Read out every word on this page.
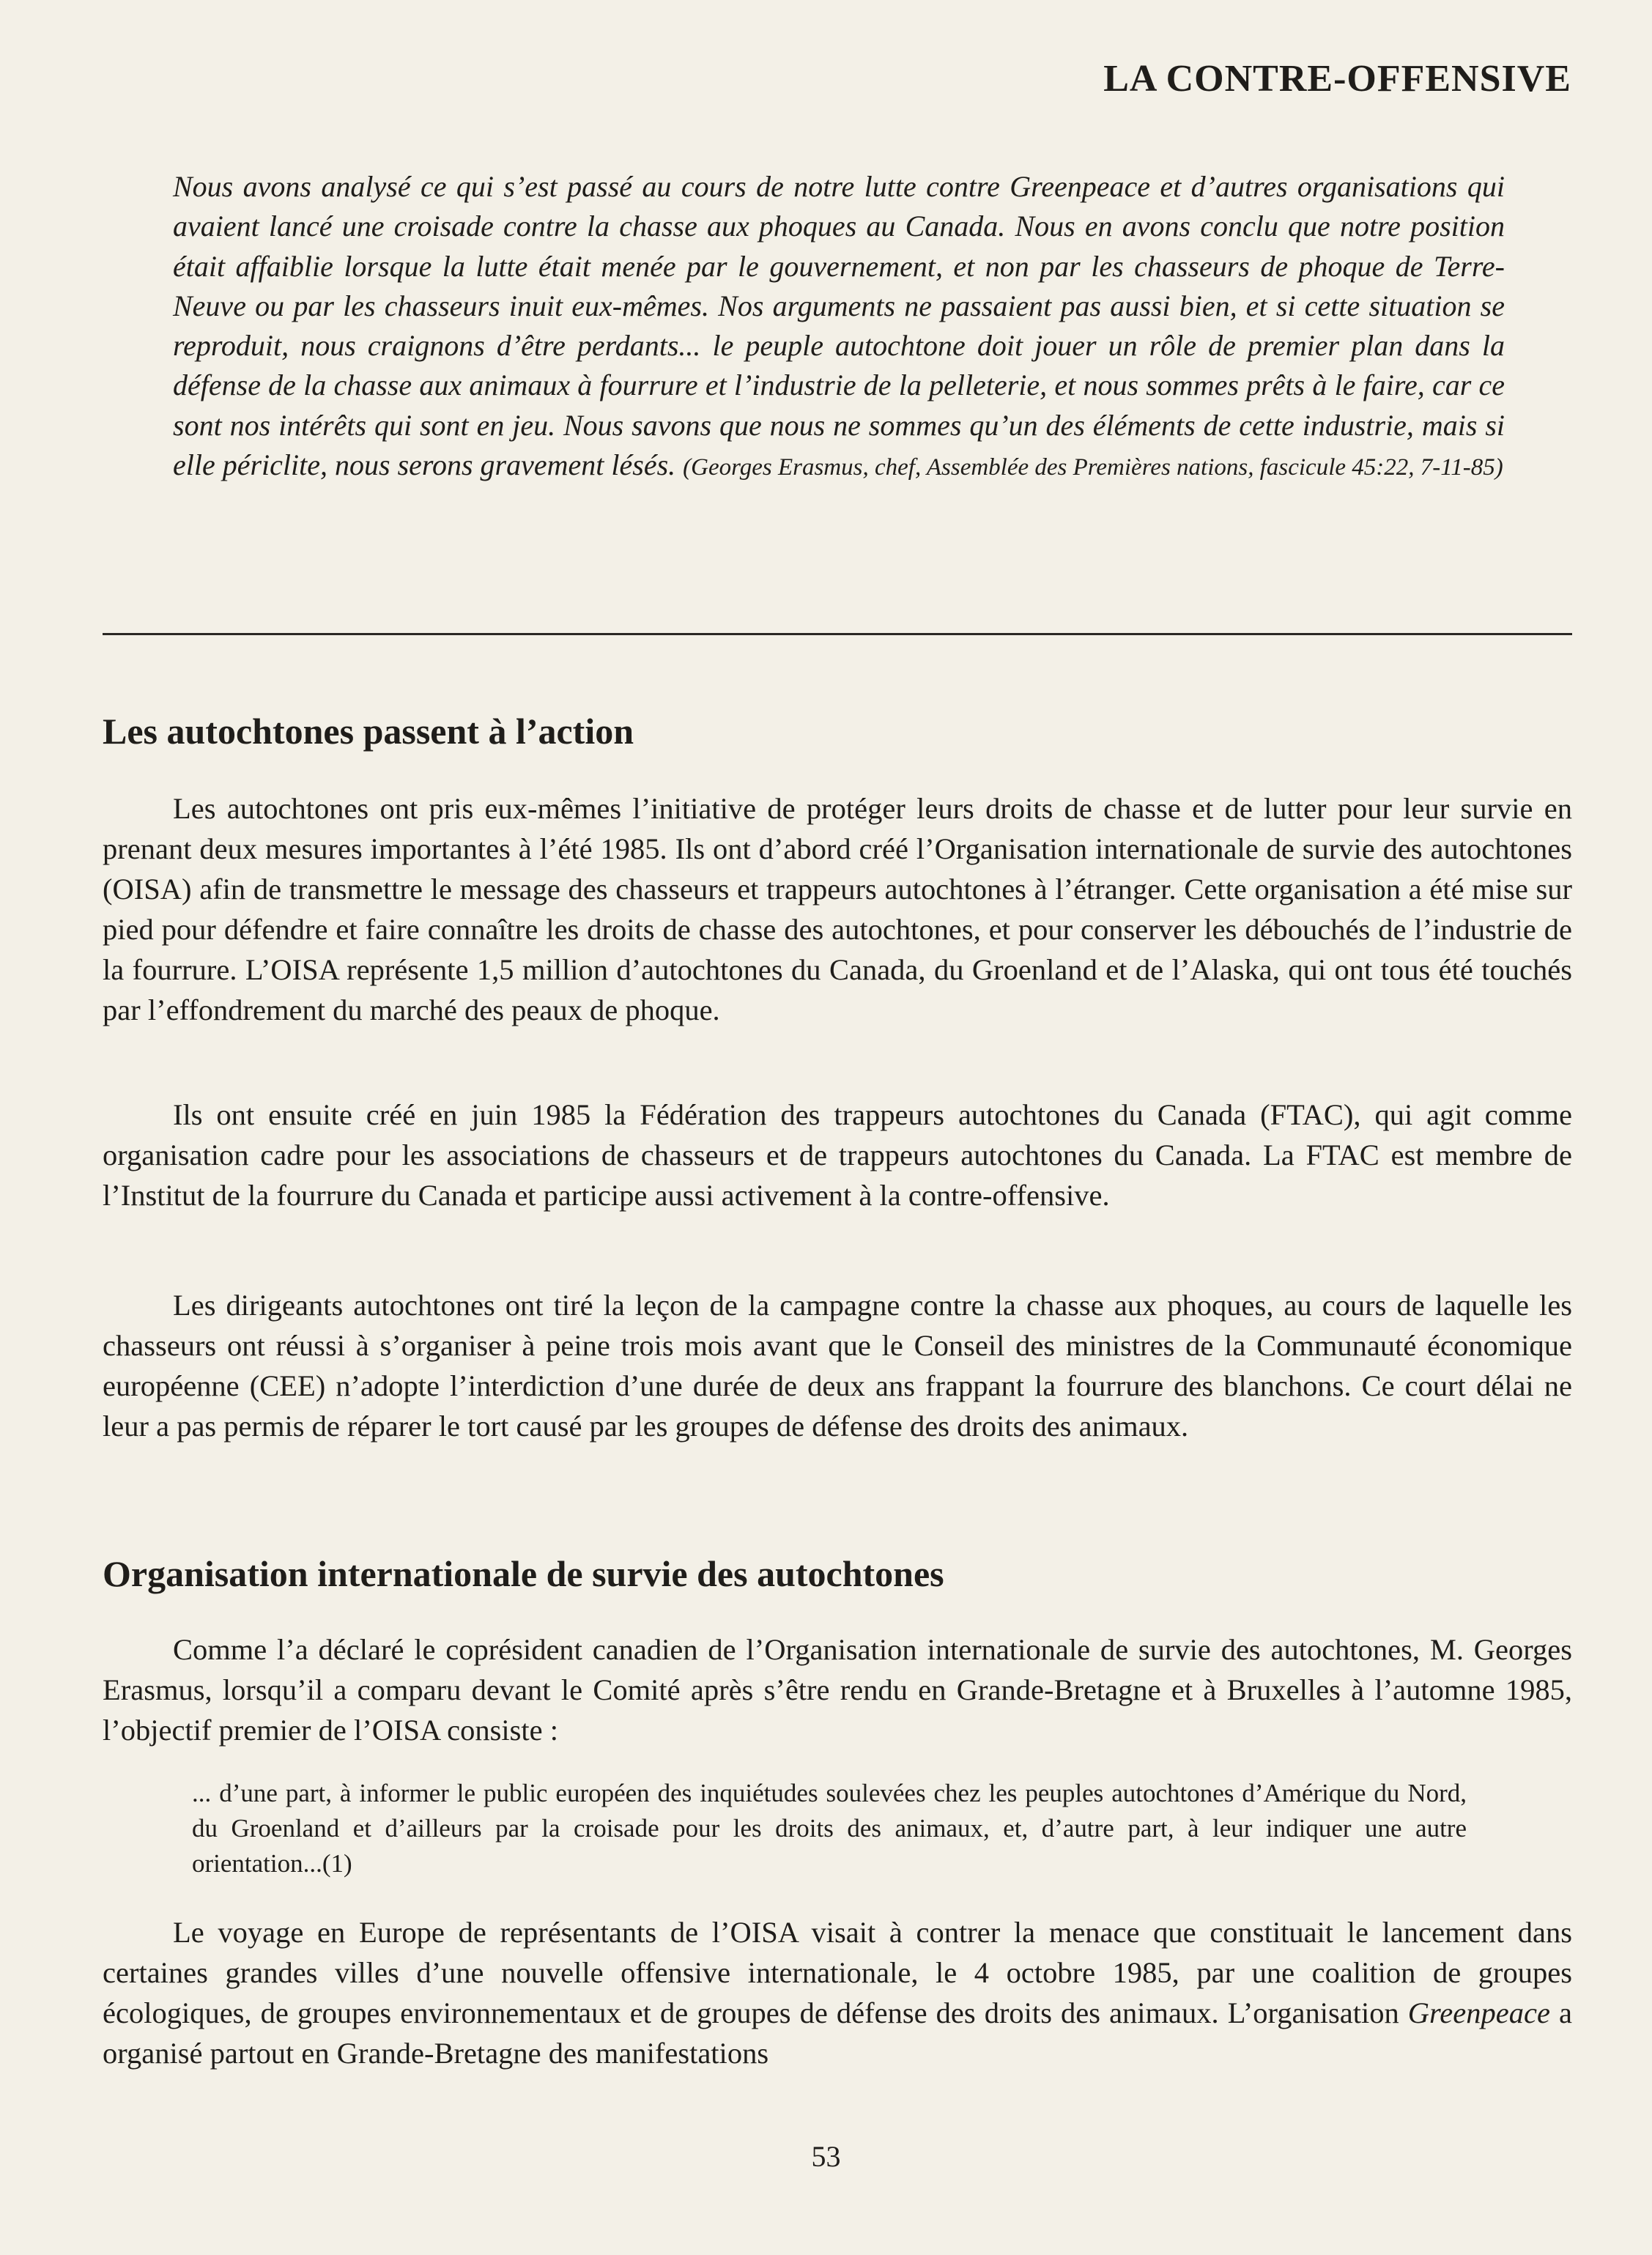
LA CONTRE-OFFENSIVE

Nous avons analysé ce qui s’est passé au cours de notre lutte contre Greenpeace et d’autres organisations qui avaient lancé une croisade contre la chasse aux phoques au Canada. Nous en avons conclu que notre position était affaiblie lorsque la lutte était menée par le gouvernement, et non par les chasseurs de phoque de Terre-Neuve ou par les chasseurs inuit eux-mêmes. Nos arguments ne passaient pas aussi bien, et si cette situation se reproduit, nous craignons d’être perdants... le peuple autochtone doit jouer un rôle de premier plan dans la défense de la chasse aux animaux à fourrure et l’industrie de la pelleterie, et nous sommes prêts à le faire, car ce sont nos intérêts qui sont en jeu. Nous savons que nous ne sommes qu’un des éléments de cette industrie, mais si elle périclite, nous serons gravement lésés. (Georges Erasmus, chef, Assemblée des Premières nations, fascicule 45:22, 7-11-85)

Les autochtones passent à l’action

Les autochtones ont pris eux-mêmes l’initiative de protéger leurs droits de chasse et de lutter pour leur survie en prenant deux mesures importantes à l’été 1985. Ils ont d’abord créé l’Organisation internationale de survie des autochtones (OISA) afin de transmettre le message des chasseurs et trappeurs autochtones à l’étranger. Cette organisation a été mise sur pied pour défendre et faire connaître les droits de chasse des autochtones, et pour conserver les débouchés de l’industrie de la fourrure. L’OISA représente 1,5 million d’autochtones du Canada, du Groenland et de l’Alaska, qui ont tous été touchés par l’effondrement du marché des peaux de phoque.

Ils ont ensuite créé en juin 1985 la Fédération des trappeurs autochtones du Canada (FTAC), qui agit comme organisation cadre pour les associations de chasseurs et de trappeurs autochtones du Canada. La FTAC est membre de l’Institut de la fourrure du Canada et participe aussi activement à la contre-offensive.

Les dirigeants autochtones ont tiré la leçon de la campagne contre la chasse aux phoques, au cours de laquelle les chasseurs ont réussi à s’organiser à peine trois mois avant que le Conseil des ministres de la Communauté économique européenne (CEE) n’adopte l’interdiction d’une durée de deux ans frappant la fourrure des blanchons. Ce court délai ne leur a pas permis de réparer le tort causé par les groupes de défense des droits des animaux.

Organisation internationale de survie des autochtones

Comme l’a déclaré le coprésident canadien de l’Organisation internationale de survie des autochtones, M. Georges Erasmus, lorsqu’il a comparu devant le Comité après s’être rendu en Grande-Bretagne et à Bruxelles à l’automne 1985, l’objectif premier de l’OISA consiste :

... d’une part, à informer le public européen des inquiétudes soulevées chez les peuples autochtones d’Amérique du Nord, du Groenland et d’ailleurs par la croisade pour les droits des animaux, et, d’autre part, à leur indiquer une autre orientation...(1)

Le voyage en Europe de représentants de l’OISA visait à contrer la menace que constituait le lancement dans certaines grandes villes d’une nouvelle offensive internationale, le 4 octobre 1985, par une coalition de groupes écologiques, de groupes environnementaux et de groupes de défense des droits des animaux. L’organisation Greenpeace a organisé partout en Grande-Bretagne des manifestations

53
